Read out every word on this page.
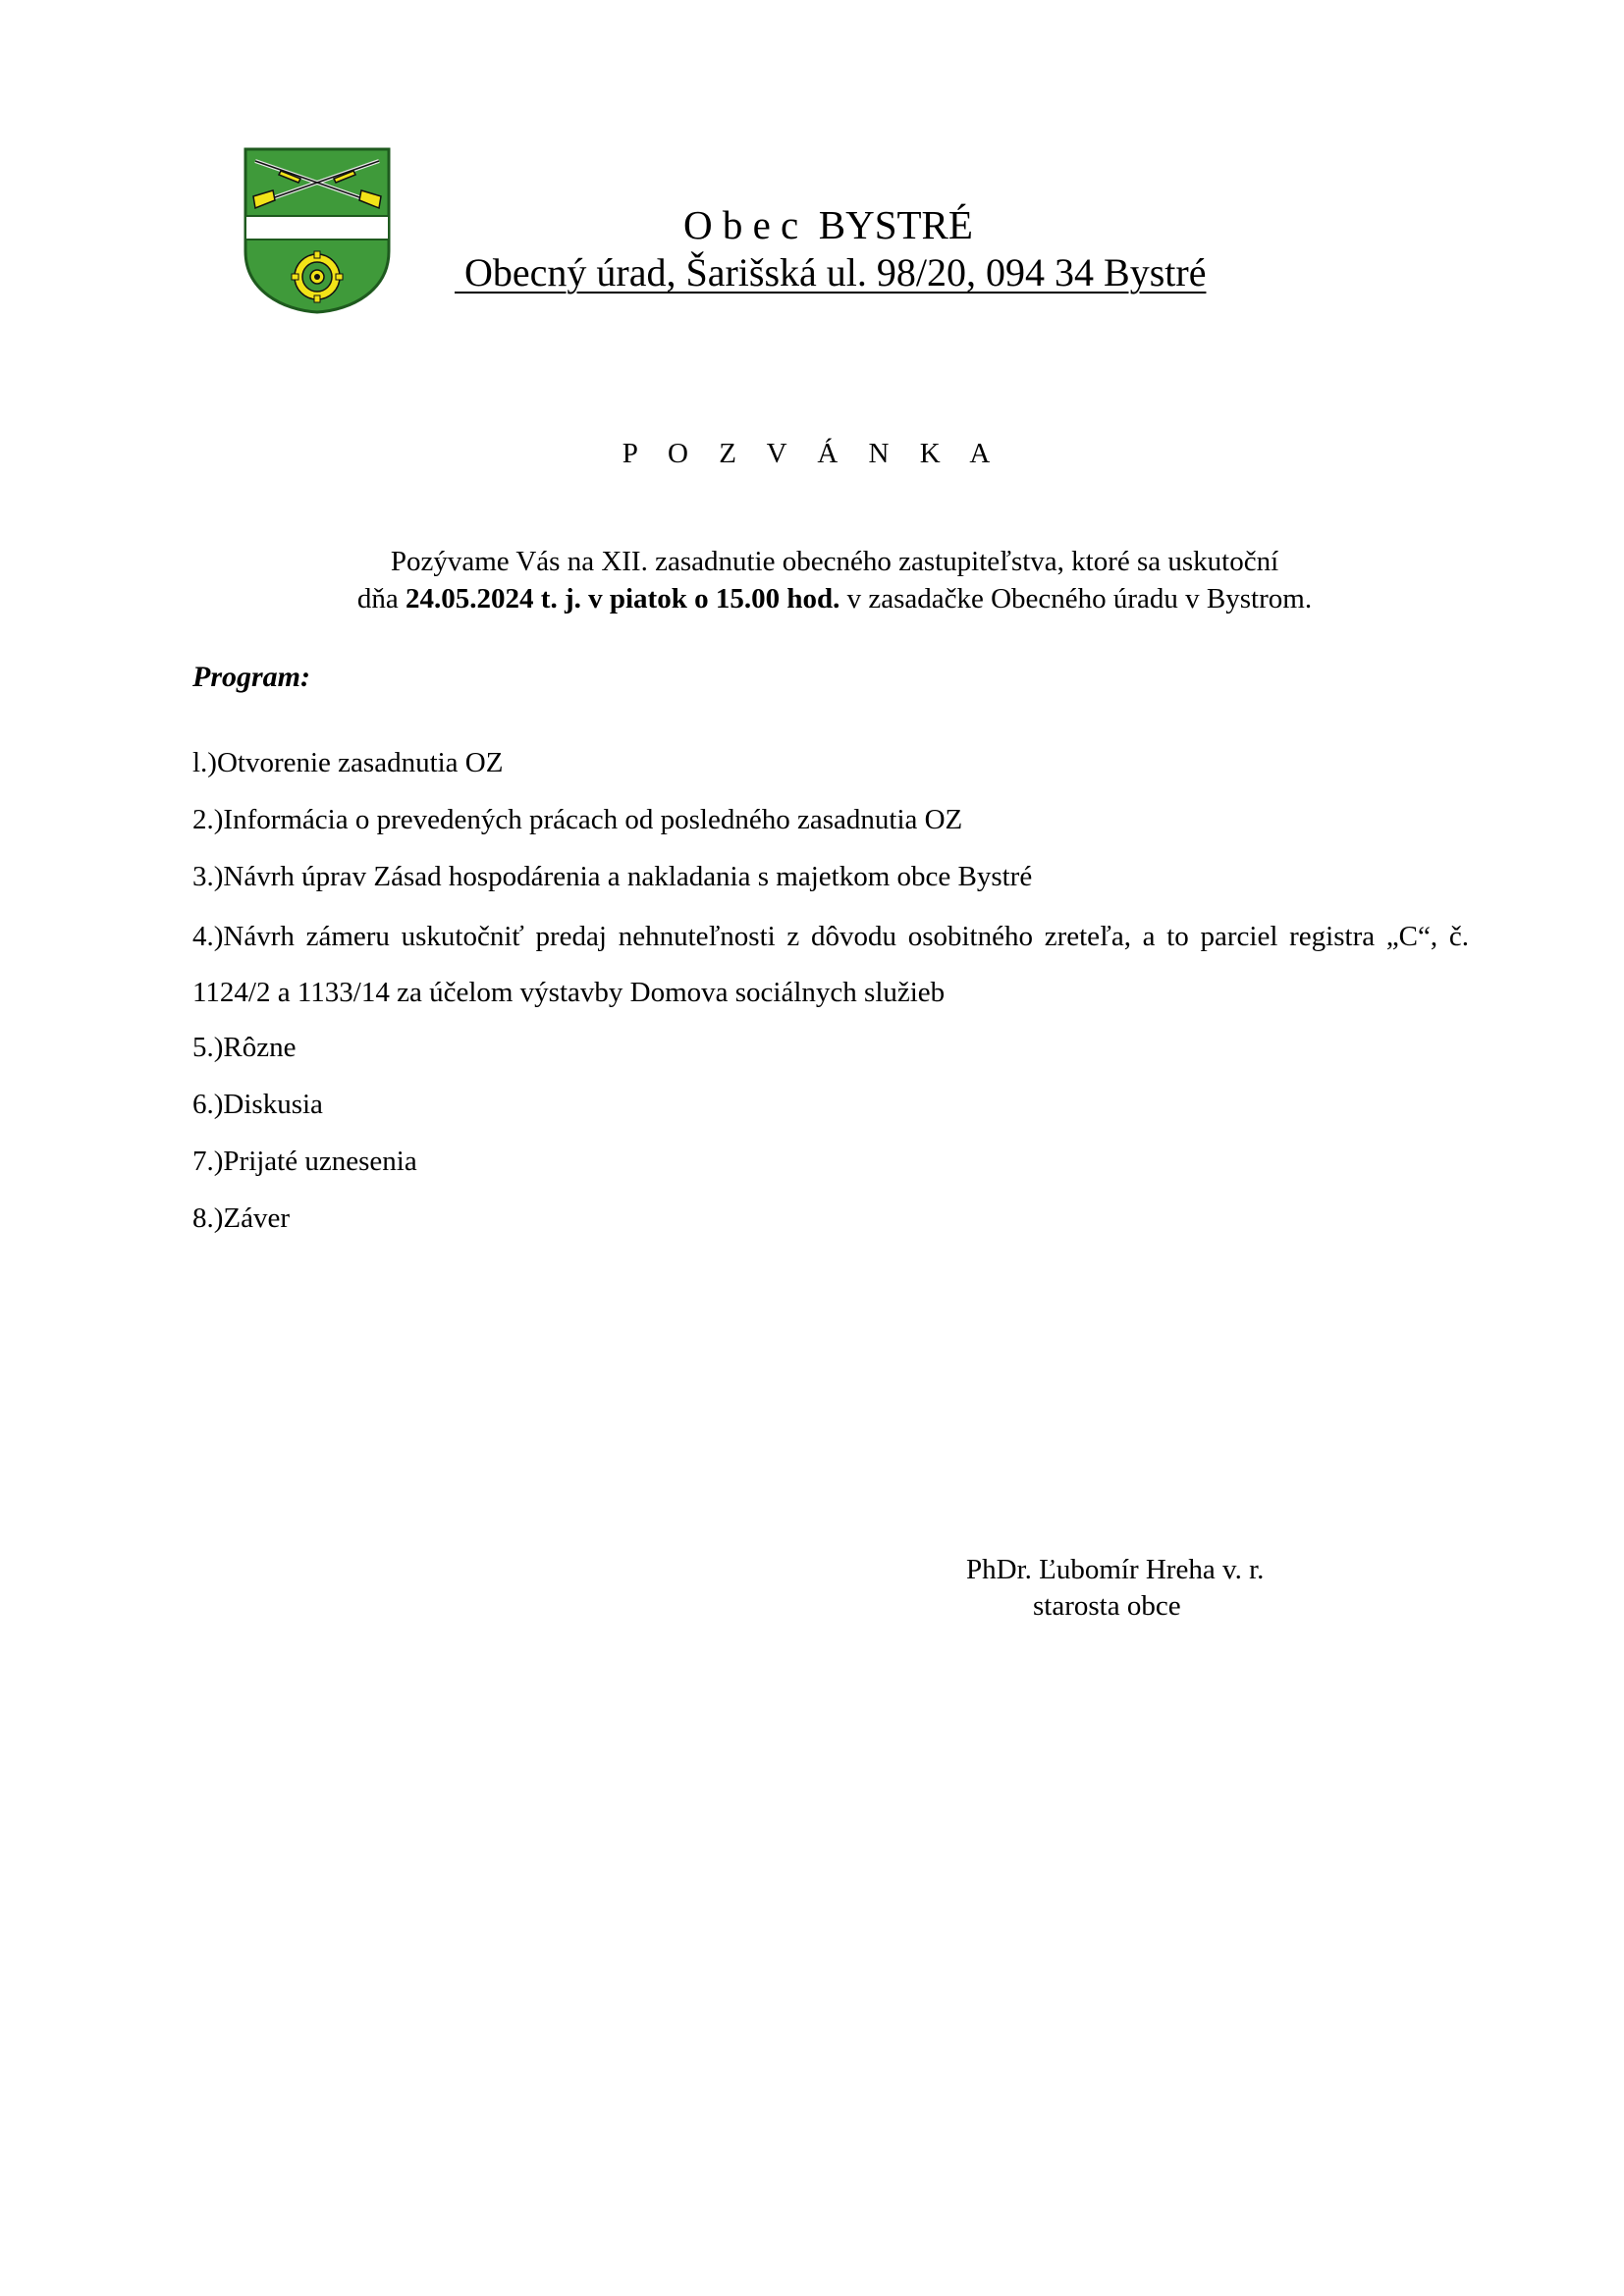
O b e c  BYSTRÉ
Obecný úrad, Šarišská ul. 98/20, 094 34 Bystré
P O Z V Á N K A
Pozývame Vás na XII. zasadnutie obecného zastupiteľstva, ktoré sa uskutoční
dňa 24.05.2024 t. j. v piatok o 15.00 hod. v zasadačke Obecného úradu v Bystrom.
Program:
l.)Otvorenie zasadnutia OZ
2.)Informácia o prevedených prácach od posledného zasadnutia OZ
3.)Návrh úprav Zásad hospodárenia a nakladania s majetkom obce Bystré
4.)Návrh zámeru uskutočniť predaj nehnuteľnosti z dôvodu osobitného zreteľa, a to parciel registra „C“, č. 1124/2 a 1133/14 za účelom výstavby Domova sociálnych služieb
5.)Rôzne
6.)Diskusia
7.)Prijaté uznesenia
8.)Záver
PhDr. Ľubomír Hreha v. r.
starosta obce
